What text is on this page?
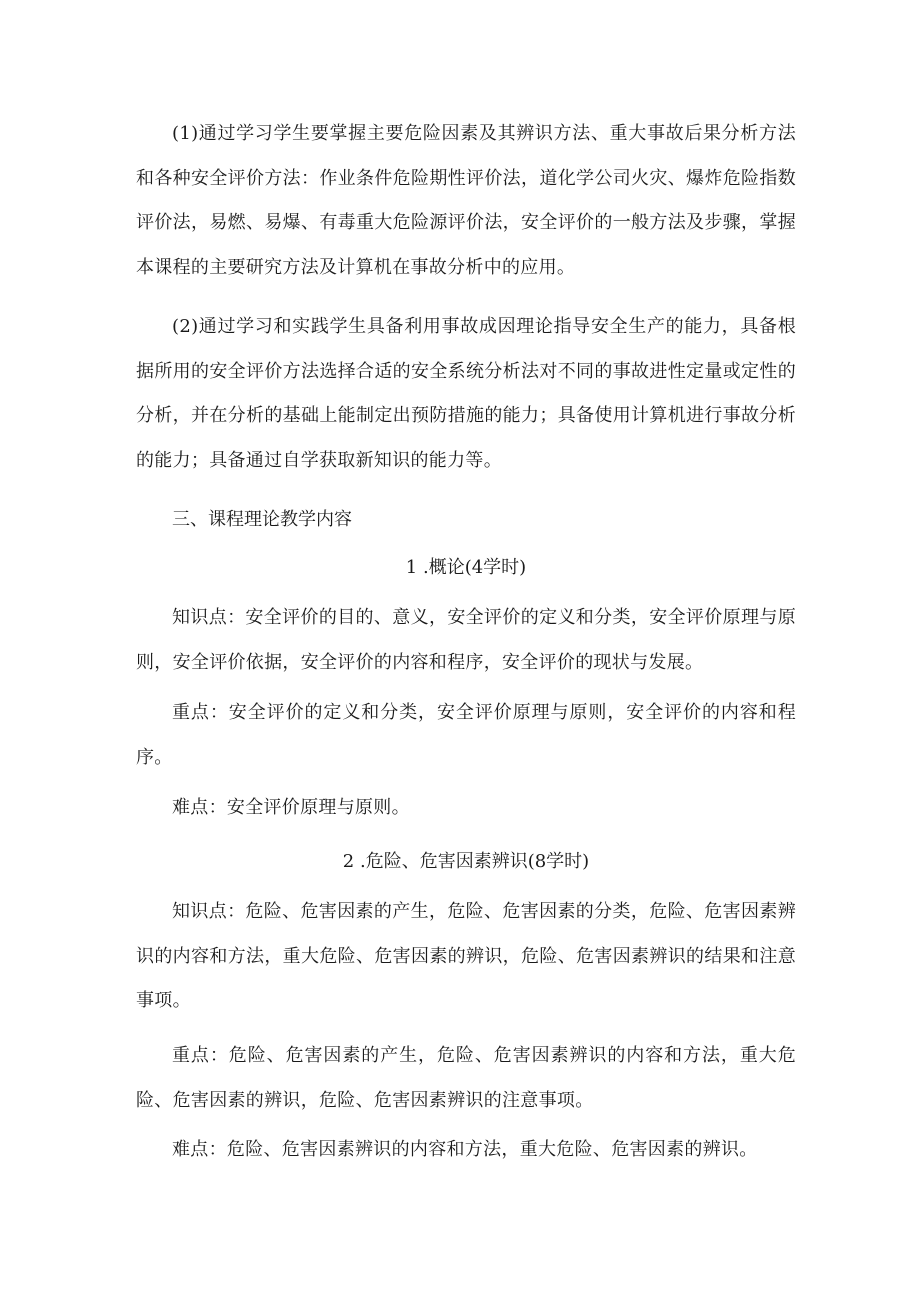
(1)通过学习学生要掌握主要危险因素及其辨识方法、重大事故后果分析方法和各种安全评价方法：作业条件危险期性评价法，道化学公司火灾、爆炸危险指数评价法，易燃、易爆、有毒重大危险源评价法，安全评价的一般方法及步骤，掌握本课程的主要研究方法及计算机在事故分析中的应用。

(2)通过学习和实践学生具备利用事故成因理论指导安全生产的能力，具备根据所用的安全评价方法选择合适的安全系统分析法对不同的事故进性定量或定性的分析，并在分析的基础上能制定出预防措施的能力；具备使用计算机进行事故分析的能力；具备通过自学获取新知识的能力等。

三、课程理论教学内容

1 .概论(4学时)

知识点：安全评价的目的、意义，安全评价的定义和分类，安全评价原理与原则，安全评价依据，安全评价的内容和程序，安全评价的现状与发展。

重点：安全评价的定义和分类，安全评价原理与原则，安全评价的内容和程序。

难点：安全评价原理与原则。

2 .危险、危害因素辨识(8学时)

知识点：危险、危害因素的产生，危险、危害因素的分类，危险、危害因素辨识的内容和方法，重大危险、危害因素的辨识，危险、危害因素辨识的结果和注意事项。

重点：危险、危害因素的产生，危险、危害因素辨识的内容和方法，重大危险、危害因素的辨识，危险、危害因素辨识的注意事项。

难点：危险、危害因素辨识的内容和方法，重大危险、危害因素的辨识。
